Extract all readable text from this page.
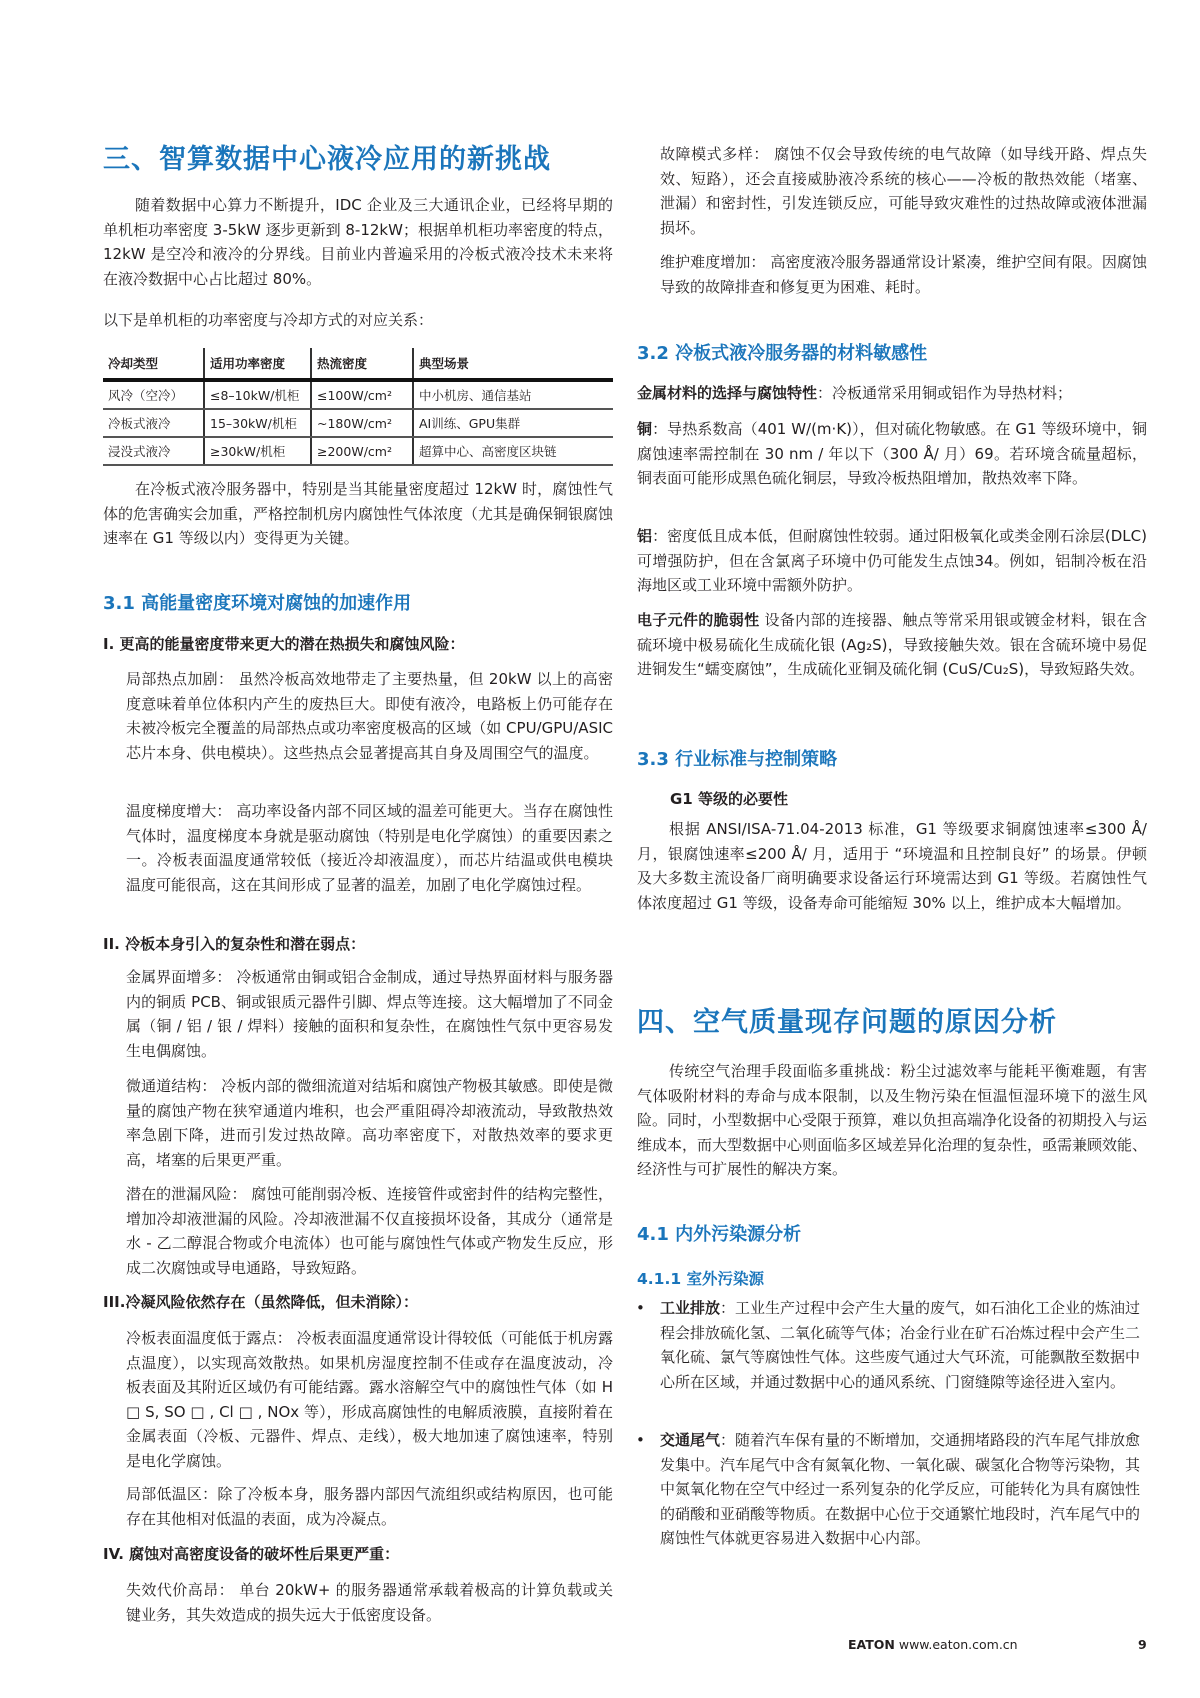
三、智算数据中心液冷应用的新挑战
随着数据中心算力不断提升，IDC 企业及三大通讯企业，已经将早期的单机柜功率密度 3-5kW 逐步更新到 8-12kW；根据单机柜功率密度的特点，12kW 是空冷和液冷的分界线。目前业内普遍采用的冷板式液冷技术未来将在液冷数据中心占比超过 80%。
以下是单机柜的功率密度与冷却方式的对应关系：
冷却类型	适用功率密度	热流密度	典型场景
风冷（空冷）	≤8–10kW/机柜	≤100W/cm²	中小机房、通信基站
冷板式液冷	15–30kW/机柜	~180W/cm²	AI训练、GPU集群
浸没式液冷	≥30kW/机柜	≥200W/cm²	超算中心、高密度区块链
在冷板式液冷服务器中，特别是当其能量密度超过 12kW 时，腐蚀性气体的危害确实会加重，严格控制机房内腐蚀性气体浓度（尤其是确保铜银腐蚀速率在 G1 等级以内）变得更为关键。
3.1 高能量密度环境对腐蚀的加速作用
I. 更高的能量密度带来更大的潜在热损失和腐蚀风险：
局部热点加剧： 虽然冷板高效地带走了主要热量，但 20kW 以上的高密度意味着单位体积内产生的废热巨大。即使有液冷，电路板上仍可能存在未被冷板完全覆盖的局部热点或功率密度极高的区域（如 CPU/GPU/ASIC 芯片本身、供电模块）。这些热点会显著提高其自身及周围空气的温度。
温度梯度增大： 高功率设备内部不同区域的温差可能更大。当存在腐蚀性气体时，温度梯度本身就是驱动腐蚀（特别是电化学腐蚀）的重要因素之一。冷板表面温度通常较低（接近冷却液温度），而芯片结温或供电模块温度可能很高，这在其间形成了显著的温差，加剧了电化学腐蚀过程。
II. 冷板本身引入的复杂性和潜在弱点：
金属界面增多： 冷板通常由铜或铝合金制成，通过导热界面材料与服务器内的铜质 PCB、铜或银质元器件引脚、焊点等连接。这大幅增加了不同金属（铜 / 铝 / 银 / 焊料）接触的面积和复杂性，在腐蚀性气氛中更容易发生电偶腐蚀。
微通道结构： 冷板内部的微细流道对结垢和腐蚀产物极其敏感。即使是微量的腐蚀产物在狭窄通道内堆积，也会严重阻碍冷却液流动，导致散热效率急剧下降，进而引发过热故障。高功率密度下，对散热效率的要求更高，堵塞的后果更严重。
潜在的泄漏风险： 腐蚀可能削弱冷板、连接管件或密封件的结构完整性，增加冷却液泄漏的风险。冷却液泄漏不仅直接损坏设备，其成分（通常是水 - 乙二醇混合物或介电流体）也可能与腐蚀性气体或产物发生反应，形成二次腐蚀或导电通路，导致短路。
III.冷凝风险依然存在（虽然降低，但未消除）：
冷板表面温度低于露点： 冷板表面温度通常设计得较低（可能低于机房露点温度），以实现高效散热。如果机房湿度控制不佳或存在温度波动，冷板表面及其附近区域仍有可能结露。露水溶解空气中的腐蚀性气体（如 H □ S, SO □ , Cl □ , NOx 等），形成高腐蚀性的电解质液膜，直接附着在金属表面（冷板、元器件、焊点、走线），极大地加速了腐蚀速率，特别是电化学腐蚀。
局部低温区：除了冷板本身，服务器内部因气流组织或结构原因，也可能存在其他相对低温的表面，成为冷凝点。
IV. 腐蚀对高密度设备的破坏性后果更严重：
失效代价高昂： 单台 20kW+ 的服务器通常承载着极高的计算负载或关键业务，其失效造成的损失远大于低密度设备。
故障模式多样： 腐蚀不仅会导致传统的电气故障（如导线开路、焊点失效、短路），还会直接威胁液冷系统的核心——冷板的散热效能（堵塞、泄漏）和密封性，引发连锁反应，可能导致灾难性的过热故障或液体泄漏损坏。
维护难度增加： 高密度液冷服务器通常设计紧凑，维护空间有限。因腐蚀导致的故障排查和修复更为困难、耗时。
3.2 冷板式液冷服务器的材料敏感性
金属材料的选择与腐蚀特性：冷板通常采用铜或铝作为导热材料；
铜：导热系数高（401 W/(m·K)），但对硫化物敏感。在 G1 等级环境中，铜腐蚀速率需控制在 30 nm / 年以下（300 Å/ 月）69。若环境含硫量超标，铜表面可能形成黑色硫化铜层，导致冷板热阻增加，散热效率下降。
铝：密度低且成本低，但耐腐蚀性较弱。通过阳极氧化或类金刚石涂层(DLC)可增强防护，但在含氯离子环境中仍可能发生点蚀34。例如，铝制冷板在沿海地区或工业环境中需额外防护。
电子元件的脆弱性 设备内部的连接器、触点等常采用银或镀金材料，银在含硫环境中极易硫化生成硫化银 (Ag₂S)，导致接触失效。银在含硫环境中易促进铜发生“蠕变腐蚀”，生成硫化亚铜及硫化铜 (CuS/Cu₂S)，导致短路失效。
3.3 行业标准与控制策略
G1 等级的必要性
根据 ANSI/ISA-71.04-2013 标准，G1 等级要求铜腐蚀速率≤300 Å/ 月，银腐蚀速率≤200 Å/ 月，适用于 “环境温和且控制良好” 的场景。伊顿及大多数主流设备厂商明确要求设备运行环境需达到 G1 等级。若腐蚀性气体浓度超过 G1 等级，设备寿命可能缩短 30% 以上，维护成本大幅增加。
四、空气质量现存问题的原因分析
传统空气治理手段面临多重挑战：粉尘过滤效率与能耗平衡难题，有害气体吸附材料的寿命与成本限制，以及生物污染在恒温恒湿环境下的滋生风险。同时，小型数据中心受限于预算，难以负担高端净化设备的初期投入与运维成本，而大型数据中心则面临多区域差异化治理的复杂性，亟需兼顾效能、经济性与可扩展性的解决方案。
4.1 内外污染源分析
4.1.1 室外污染源
• 工业排放：工业生产过程中会产生大量的废气，如石油化工企业的炼油过程会排放硫化氢、二氧化硫等气体；冶金行业在矿石冶炼过程中会产生二氧化硫、氯气等腐蚀性气体。这些废气通过大气环流，可能飘散至数据中心所在区域，并通过数据中心的通风系统、门窗缝隙等途径进入室内。
• 交通尾气：随着汽车保有量的不断增加，交通拥堵路段的汽车尾气排放愈发集中。汽车尾气中含有氮氧化物、一氧化碳、碳氢化合物等污染物，其中氮氧化物在空气中经过一系列复杂的化学反应，可能转化为具有腐蚀性的硝酸和亚硝酸等物质。在数据中心位于交通繁忙地段时，汽车尾气中的腐蚀性气体就更容易进入数据中心内部。
EATON www.eaton.com.cn	9
